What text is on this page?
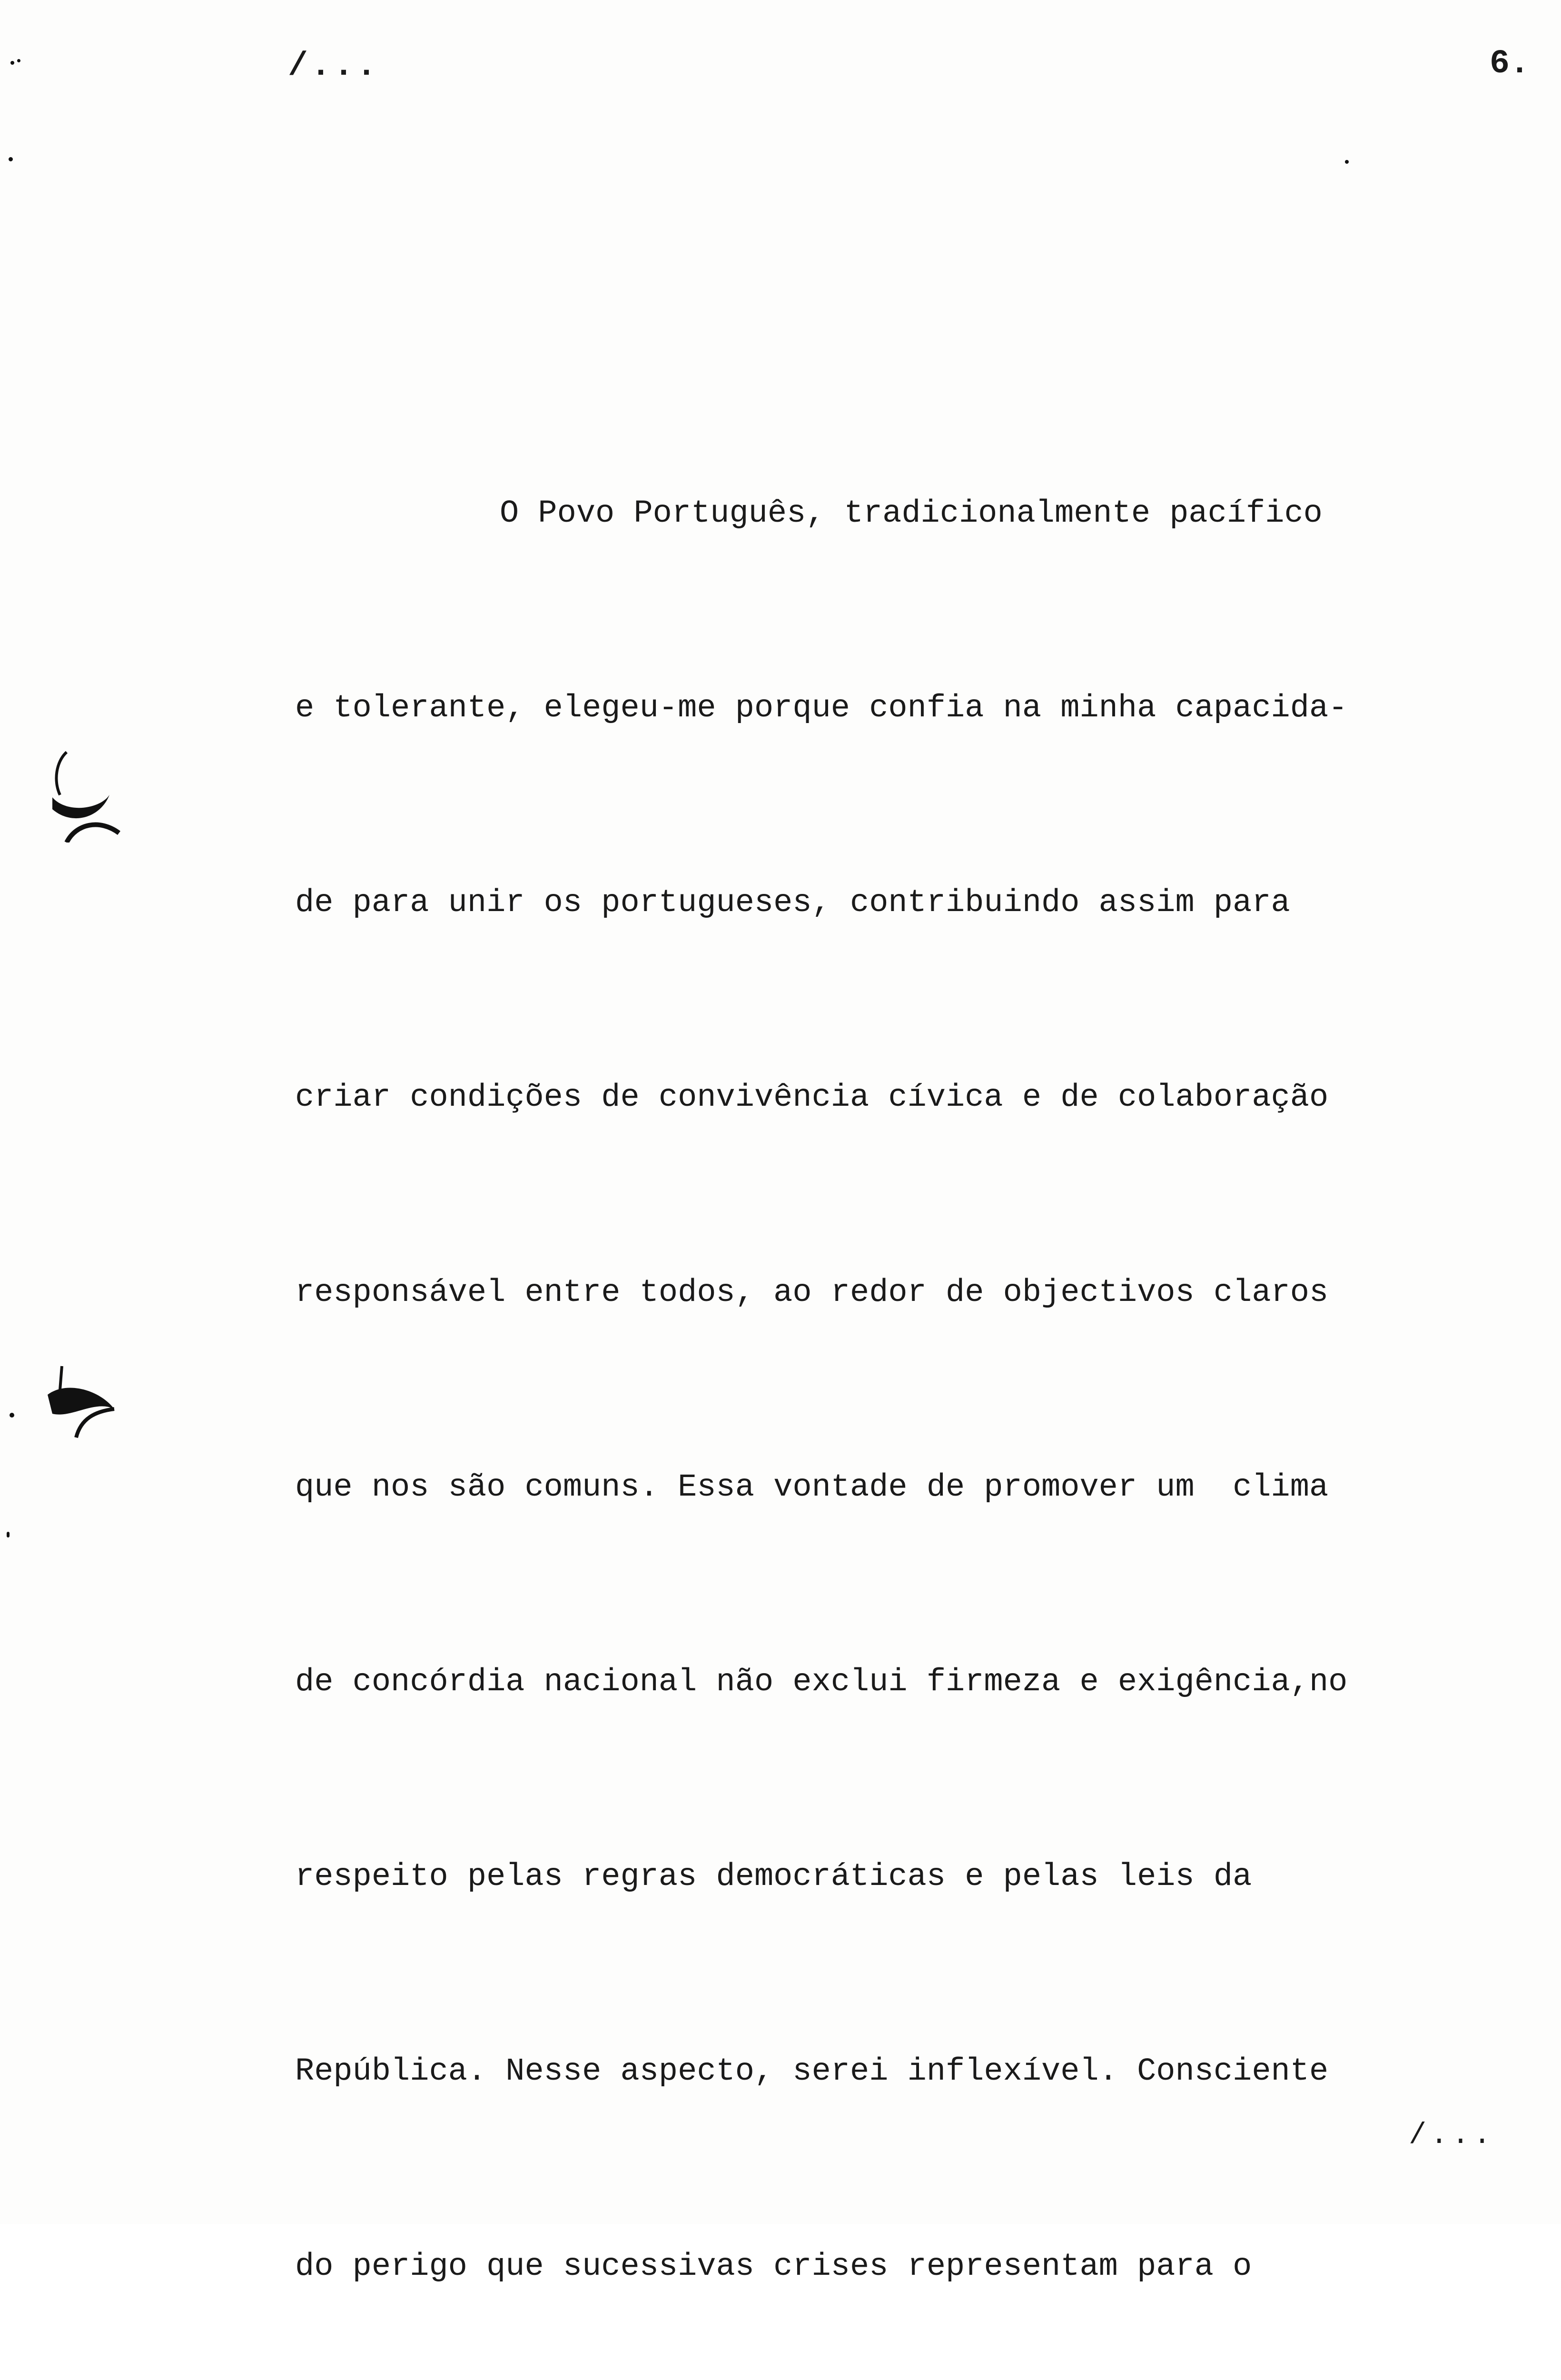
/...	6.

O Povo Português, tradicionalmente pacífico

e tolerante, elegeu-me porque confia na minha capacida-

de para unir os portugueses, contribuindo assim para

criar condições de convivência cívica e de colaboração

responsável entre todos, ao redor de objectivos claros

que nos são comuns. Essa vontade de promover um  clima

de concórdia nacional não exclui firmeza e exigência,no

respeito pelas regras democráticas e pelas leis da

República. Nesse aspecto, serei inflexível. Consciente

do perigo que sucessivas crises representam para o

/...
